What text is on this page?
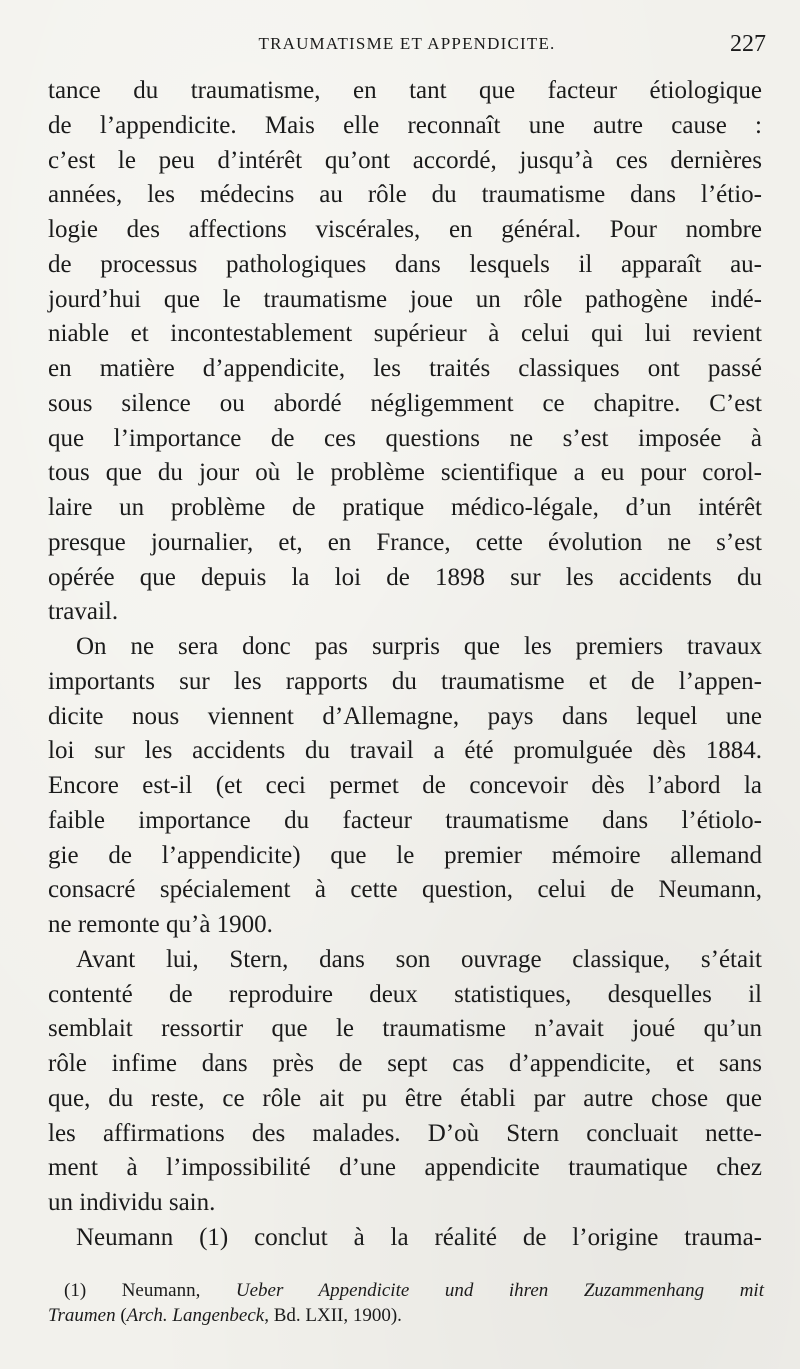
TRAUMATISME ET APPENDICITE.	227
tance du traumatisme, en tant que facteur étiologique
de l’appendicite. Mais elle reconnaît une autre cause :
c’est le peu d’intérêt qu’ont accordé, jusqu’à ces dernières
années, les médecins au rôle du traumatisme dans l’étio-
logie des affections viscérales, en général. Pour nombre
de processus pathologiques dans lesquels il apparaît au-
jourd’hui que le traumatisme joue un rôle pathogène indé-
niable et incontestablement supérieur à celui qui lui revient
en matière d’appendicite, les traités classiques ont passé
sous silence ou abordé négligemment ce chapitre. C’est
que l’importance de ces questions ne s’est imposée à
tous que du jour où le problème scientifique a eu pour corol-
laire un problème de pratique médico-légale, d’un intérêt
presque journalier, et, en France, cette évolution ne s’est
opérée que depuis la loi de 1898 sur les accidents du
travail.
On ne sera donc pas surpris que les premiers travaux
importants sur les rapports du traumatisme et de l’appen-
dicite nous viennent d’Allemagne, pays dans lequel une
loi sur les accidents du travail a été promulguée dès 1884.
Encore est-il (et ceci permet de concevoir dès l’abord la
faible importance du facteur traumatisme dans l’étiolo-
gie de l’appendicite) que le premier mémoire allemand
consacré spécialement à cette question, celui de Neumann,
ne remonte qu’à 1900.
Avant lui, Stern, dans son ouvrage classique, s’était
contenté de reproduire deux statistiques, desquelles il
semblait ressortir que le traumatisme n’avait joué qu’un
rôle infime dans près de sept cas d’appendicite, et sans
que, du reste, ce rôle ait pu être établi par autre chose que
les affirmations des malades. D’où Stern concluait nette-
ment à l’impossibilité d’une appendicite traumatique chez
un individu sain.
Neumann (1) conclut à la réalité de l’origine trauma-
(1) Neumann, Ueber Appendicite und ihren Zuzammenhang mit
Traumen (Arch. Langenbeck, Bd. LXII, 1900).
